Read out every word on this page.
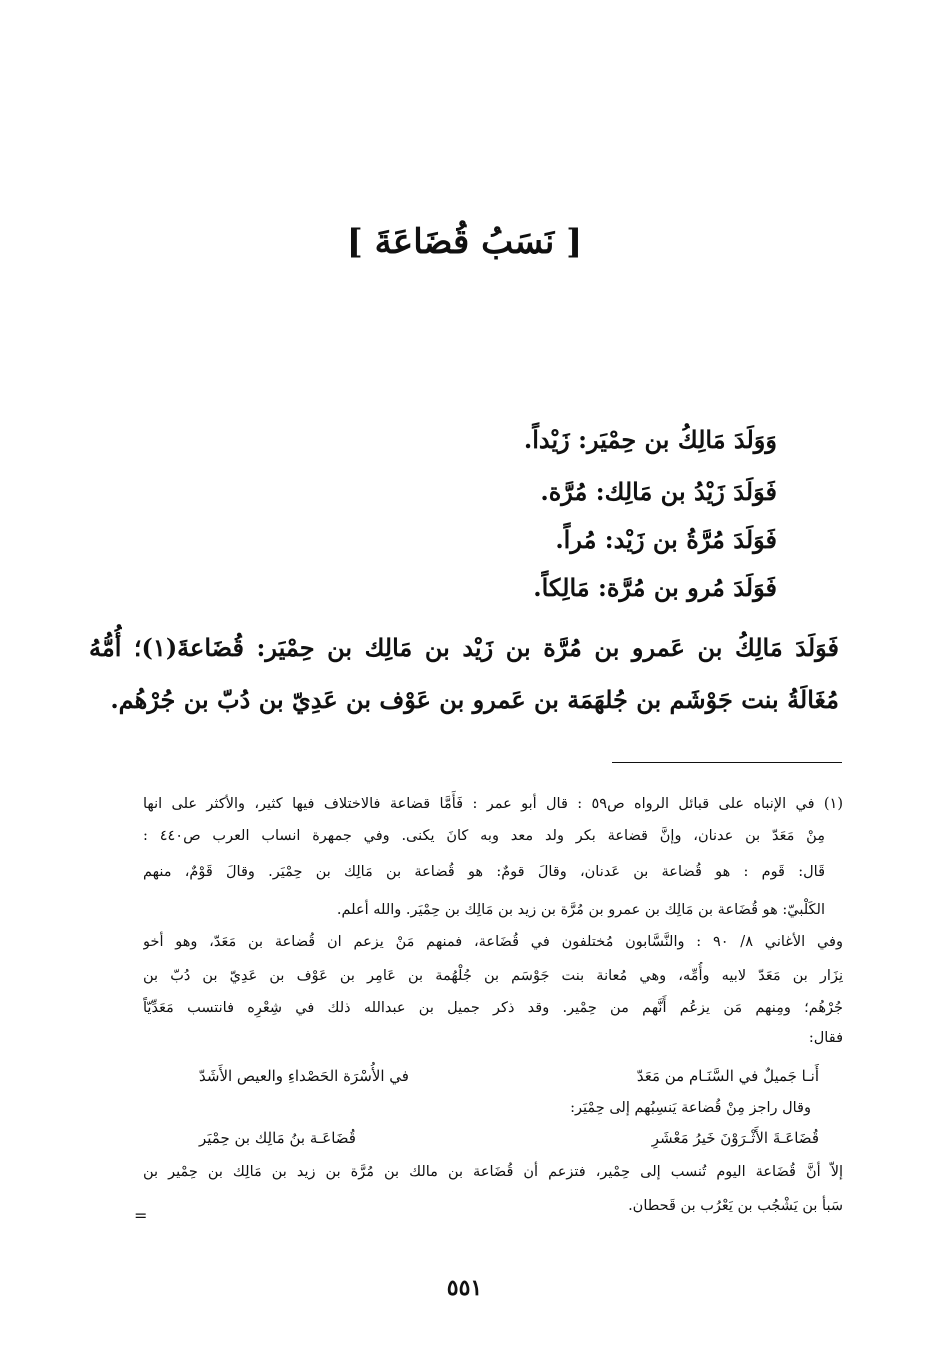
[ نَسَبُ قُضَاعَةَ ]
وَوَلَدَ مَالِكُ بن حِمْيَر: زَيْداً.
فَوَلَدَ زَيْدُ بن مَالِك: مُرَّة.
فَوَلَدَ مُرَّةُ بن زَيْد: مُراً.
فَوَلَدَ مُرو بن مُرَّة: مَالِكاً.
فَوَلَدَ مَالِكُ بن عَمرو بن مُرَّة بن زَيْد بن مَالِك بن حِمْيَر: قُضَاعةَ(١)؛ أُمُّهُ
مُغَالَةُ بنت جَوْشَم بن جُلهَمَة بن عَمرو بن عَوْف بن عَدِيّ بن دُبّ بن جُرْهُم.
(١) في الإنباه على قبائل الرواه ص٥٩ : قال أبو عمر : فَأَمَّا قضاعة فالاختلاف فيها كثير، والأكثر على انها
مِنْ مَعَدّ بن عدنان، وإنَّ قضاعة بكر ولد معد وبه كانَ يكنى. وفي جمهرة انساب العرب ص٤٤٠ :
قَال: قَوم : هو قُضاعة بن عَدنان، وقالَ قومٌ: هو قُضاعة بن مَالِك بن حِمْيَر. وقالَ قَوْمٌ، منهم
الكَلْبيّ: هو قُضَاعة بن مَالِك بن عمرو بن مُرَّة بن زيد بن مَالِك بن حِمْيَر. والله أعلم.
وفي الأغاني ٨/ ٩٠ : والنَّسَّابون مُختلفون في قُضَاعة، فمنهم مَنْ يزعم ان قُضاعة بن مَعَدّ، وهو أخو
نِزَار بن مَعَدّ لابيه وأُمِّه، وهي مُعانة بنت جَوْسَم بن جُلْهُمة بن عَامِر بن عَوْف بن عَدِيّ بن دُبّ بن
جُرْهُم؛ ومِنهم مَن يزعُم أَنَّهم من حِمْير. وقد ذكر جميل بن عبدالله ذلك في شِعْرِه فانتسب مَعَدِّيّاً
فقال:
أَنـا جَميلٌ في السَّنَـام من مَعَدّ
في الأُسْرَة الحَصْداءِ والعيص الأَشَدّ
وقال راجز مِنْ قُضاعة يَنسِبُهم إلى حِمْيَر:
قُضَاعَـةَ الأَثْـرَوْنَ خَيرُ مَعْشَرِ
قُضَاعَـة بنُ مَالِك بن حِمْيَر
إلاّ أنَّ قُضَاعة اليوم تُنسب إلى حِمْير، فتزعم أن قُضَاعة بن مالك بن مُرَّة بن زيد بن مَالِك بن حِمْير بن
سَبأ بن يَشْجُب بن يَعْرُب بن قَحطان.
=
٥٥١
